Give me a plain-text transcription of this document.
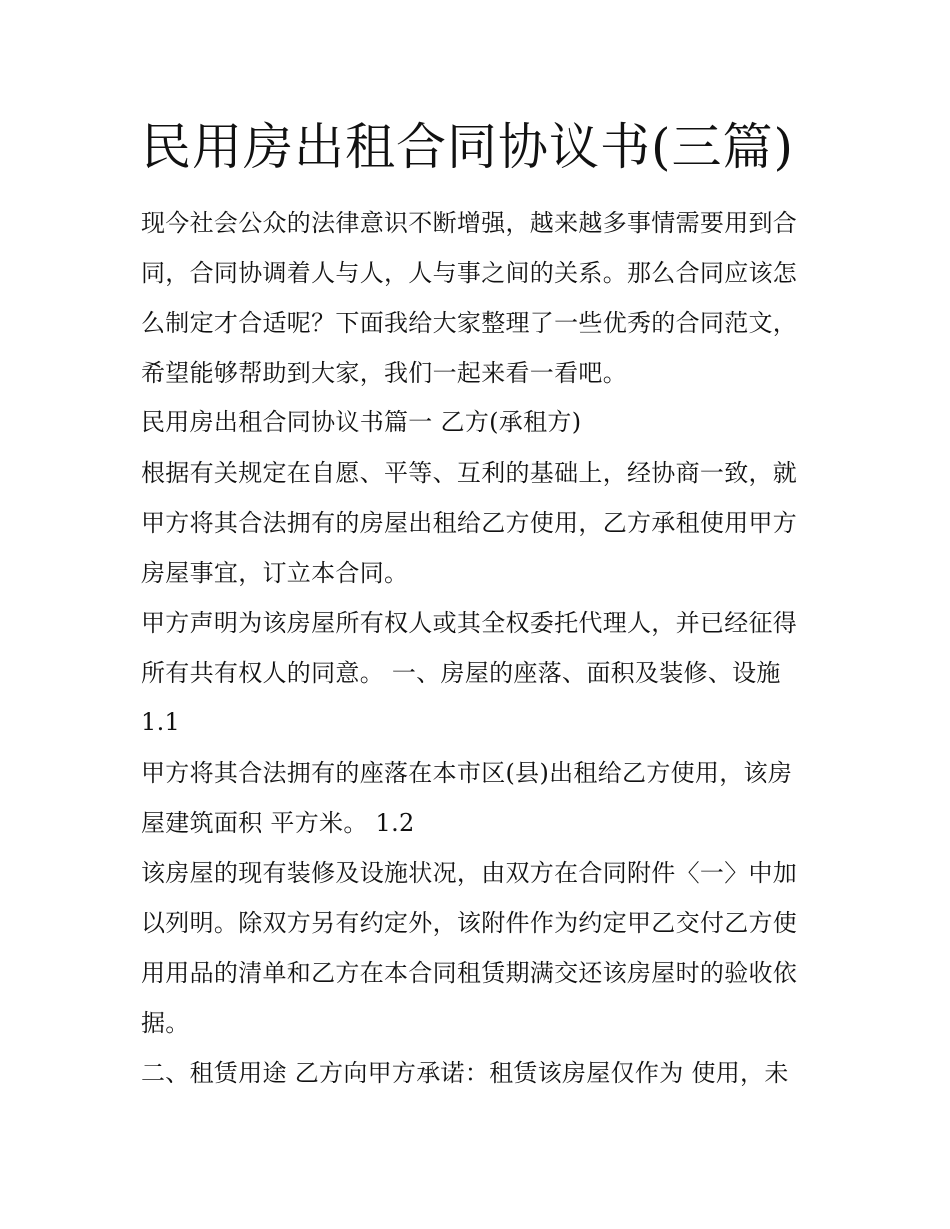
民用房出租合同协议书(三篇)

现今社会公众的法律意识不断增强，越来越多事情需要用到合同，合同协调着人与人，人与事之间的关系。那么合同应该怎么制定才合适呢？下面我给大家整理了一些优秀的合同范文，希望能够帮助到大家，我们一起来看一看吧。

民用房出租合同协议书篇一 乙方(承租方)

根据有关规定在自愿、平等、互利的基础上，经协商一致，就甲方将其合法拥有的房屋出租给乙方使用，乙方承租使用甲方房屋事宜，订立本合同。

甲方声明为该房屋所有权人或其全权委托代理人，并已经征得所有共有权人的同意。 一、房屋的座落、面积及装修、设施

1.1

甲方将其合法拥有的座落在本市区(县)出租给乙方使用，该房屋建筑面积 平方米。 1.2

该房屋的现有装修及设施状况，由双方在合同附件〈一〉中加以列明。除双方另有约定外，该附件作为约定甲乙交付乙方使用用品的清单和乙方在本合同租赁期满交还该房屋时的验收依据。

二、租赁用途 乙方向甲方承诺：租赁该房屋仅作为 使用，未
